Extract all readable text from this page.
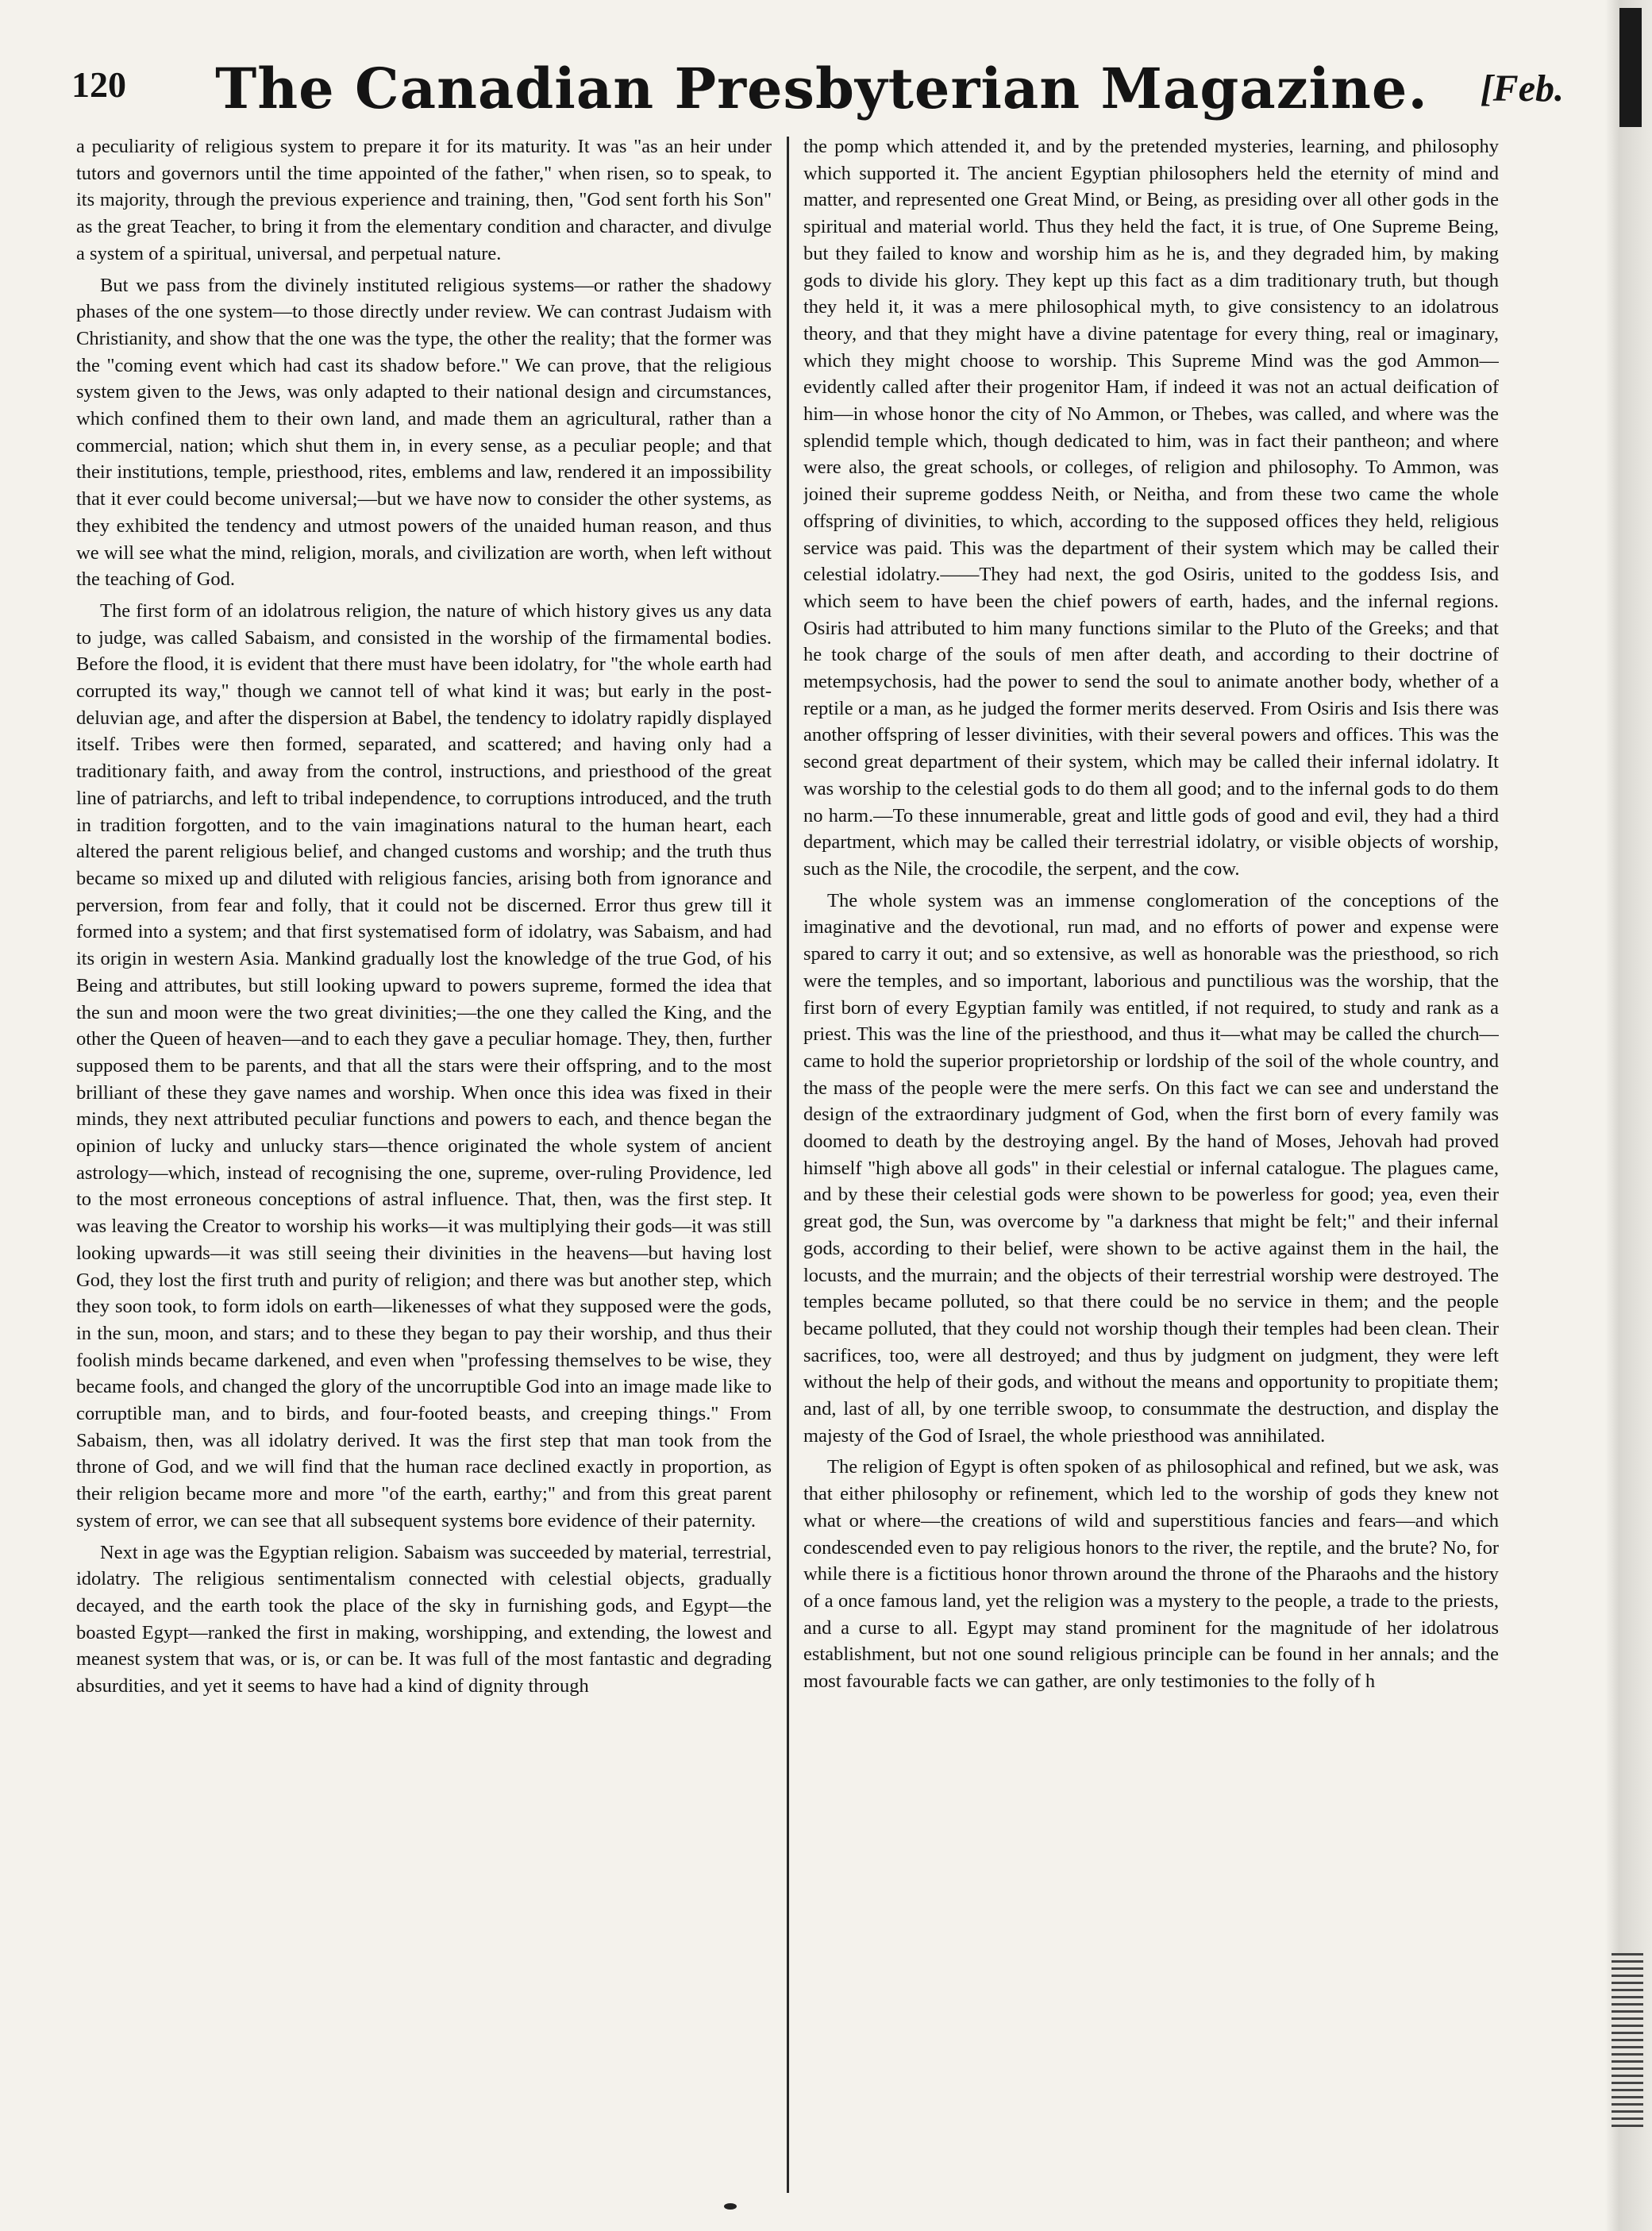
120 The Canadian Presbyterian Magazine. [Feb.

a peculiarity of religious system to prepare it for its maturity. It was "as an heir under tutors and governors until the time appointed of the father," when risen, so to speak, to its majority, through the previous experience and training, then, "God sent forth his Son" as the great Teacher, to bring it from the elementary condition and character, and divulge a system of a spiritual, universal, and perpetual nature.

But we pass from the divinely instituted religious systems—or rather the shadowy phases of the one system—to those directly under review. We can contrast Judaism with Christianity, and show that the one was the type, the other the reality; that the former was the "coming event which had cast its shadow before." We can prove, that the religious system given to the Jews, was only adapted to their national design and circumstances, which confined them to their own land, and made them an agricultural, rather than a commercial, nation; which shut them in, in every sense, as a peculiar people; and that their institutions, temple, priesthood, rites, emblems and law, rendered it an impossibility that it ever could become universal;—but we have now to consider the other systems, as they exhibited the tendency and utmost powers of the unaided human reason, and thus we will see what the mind, religion, morals, and civilization are worth, when left without the teaching of God.

The first form of an idolatrous religion, the nature of which history gives us any data to judge, was called Sabaism, and consisted in the worship of the firmamental bodies. Before the flood, it is evident that there must have been idolatry, for "the whole earth had corrupted its way," though we cannot tell of what kind it was; but early in the post-deluvian age, and after the dispersion at Babel, the tendency to idolatry rapidly displayed itself. Tribes were then formed, separated, and scattered; and having only had a traditionary faith, and away from the control, instructions, and priesthood of the great line of patriarchs, and left to tribal independence, to corruptions introduced, and the truth in tradition forgotten, and to the vain imaginations natural to the human heart, each altered the parent religious belief, and changed customs and worship; and the truth thus became so mixed up and diluted with religious fancies, arising both from ignorance and perversion, from fear and folly, that it could not be discerned. Error thus grew till it formed into a system; and that first systematised form of idolatry, was Sabaism, and had its origin in western Asia. Mankind gradually lost the knowledge of the true God, of his Being and attributes, but still looking upward to powers supreme, formed the idea that the sun and moon were the two great divinities;—the one they called the King, and the other the Queen of heaven—and to each they gave a peculiar homage. They, then, further supposed them to be parents, and that all the stars were their offspring, and to the most brilliant of these they gave names and worship. When once this idea was fixed in their minds, they next attributed peculiar functions and powers to each, and thence began the opinion of lucky and unlucky stars—thence originated the whole system of ancient astrology—which, instead of recognising the one, supreme, over-ruling Providence, led to the most erroneous conceptions of astral influence. That, then, was the first step. It was leaving the Creator to worship his works—it was multiplying their gods—it was still looking upwards—it was still seeing their divinities in the heavens—but having lost God, they lost the first truth and purity of religion; and there was but another step, which they soon took, to form idols on earth—likenesses of what they supposed were the gods, in the sun, moon, and stars; and to these they began to pay their worship, and thus their foolish minds became darkened, and even when "professing themselves to be wise, they became fools, and changed the glory of the uncorruptible God into an image made like to corruptible man, and to birds, and four-footed beasts, and creeping things." From Sabaism, then, was all idolatry derived. It was the first step that man took from the throne of God, and we will find that the human race declined exactly in proportion, as their religion became more and more "of the earth, earthy;" and from this great parent system of error, we can see that all subsequent systems bore evidence of their paternity.

Next in age was the Egyptian religion. Sabaism was succeeded by material, terrestrial, idolatry. The religious sentimentalism connected with celestial objects, gradually decayed, and the earth took the place of the sky in furnishing gods, and Egypt—the boasted Egypt—ranked the first in making, worshipping, and extending, the lowest and meanest system that was, or is, or can be. It was full of the most fantastic and degrading absurdities, and yet it seems to have had a kind of dignity through

the pomp which attended it, and by the pretended mysteries, learning, and philosophy which supported it. The ancient Egyptian philosophers held the eternity of mind and matter, and represented one Great Mind, or Being, as presiding over all other gods in the spiritual and material world. Thus they held the fact, it is true, of One Supreme Being, but they failed to know and worship him as he is, and they degraded him, by making gods to divide his glory. They kept up this fact as a dim traditionary truth, but though they held it, it was a mere philosophical myth, to give consistency to an idolatrous theory, and that they might have a divine patentage for every thing, real or imaginary, which they might choose to worship. This Supreme Mind was the god Ammon—evidently called after their progenitor Ham, if indeed it was not an actual deification of him—in whose honor the city of No Ammon, or Thebes, was called, and where was the splendid temple which, though dedicated to him, was in fact their pantheon; and where were also, the great schools, or colleges, of religion and philosophy. To Ammon, was joined their supreme goddess Neith, or Neitha, and from these two came the whole offspring of divinities, to which, according to the supposed offices they held, religious service was paid. This was the department of their system which may be called their celestial idolatry.——They had next, the god Osiris, united to the goddess Isis, and which seem to have been the chief powers of earth, hades, and the infernal regions. Osiris had attributed to him many functions similar to the Pluto of the Greeks; and that he took charge of the souls of men after death, and according to their doctrine of metempsychosis, had the power to send the soul to animate another body, whether of a reptile or a man, as he judged the former merits deserved. From Osiris and Isis there was another offspring of lesser divinities, with their several powers and offices. This was the second great department of their system, which may be called their infernal idolatry. It was worship to the celestial gods to do them all good; and to the infernal gods to do them no harm.—To these innumerable, great and little gods of good and evil, they had a third department, which may be called their terrestrial idolatry, or visible objects of worship, such as the Nile, the crocodile, the serpent, and the cow.

The whole system was an immense conglomeration of the conceptions of the imaginative and the devotional, run mad, and no efforts of power and expense were spared to carry it out; and so extensive, as well as honorable was the priesthood, so rich were the temples, and so important, laborious and punctilious was the worship, that the first born of every Egyptian family was entitled, if not required, to study and rank as a priest. This was the line of the priesthood, and thus it—what may be called the church—came to hold the superior proprietorship or lordship of the soil of the whole country, and the mass of the people were the mere serfs. On this fact we can see and understand the design of the extraordinary judgment of God, when the first born of every family was doomed to death by the destroying angel. By the hand of Moses, Jehovah had proved himself "high above all gods" in their celestial or infernal catalogue. The plagues came, and by these their celestial gods were shown to be powerless for good; yea, even their great god, the Sun, was overcome by "a darkness that might be felt;" and their infernal gods, according to their belief, were shown to be active against them in the hail, the locusts, and the murrain; and the objects of their terrestrial worship were destroyed. The temples became polluted, so that there could be no service in them; and the people became polluted, that they could not worship though their temples had been clean. Their sacrifices, too, were all destroyed; and thus by judgment on judgment, they were left without the help of their gods, and without the means and opportunity to propitiate them; and, last of all, by one terrible swoop, to consummate the destruction, and display the majesty of the God of Israel, the whole priesthood was annihilated.

The religion of Egypt is often spoken of as philosophical and refined, but we ask, was that either philosophy or refinement, which led to the worship of gods they knew not what or where—the creations of wild and superstitious fancies and fears—and which condescended even to pay religious honors to the river, the reptile, and the brute? No, for while there is a fictitious honor thrown around the throne of the Pharaohs and the history of a once famous land, yet the religion was a mystery to the people, a trade to the priests, and a curse to all. Egypt may stand prominent for the magnitude of her idolatrous establishment, but not one sound religious principle can be found in her annals; and the most favourable facts we can gather, are only testimonies to the folly of h
